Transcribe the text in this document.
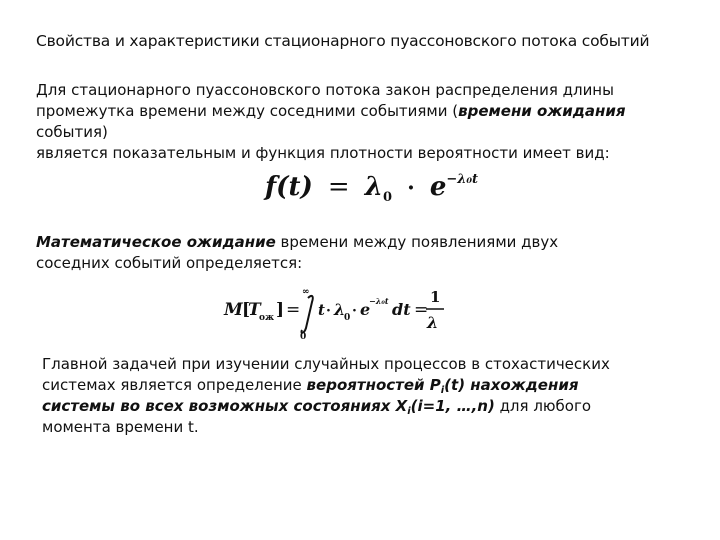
Свойства и характеристики стационарного пуассоновского потока событий
Для стационарного пуассоновского потока закон распределения длины
промежутка времени между соседними событиями (времени ожидания
события)
является показательным и функция плотности вероятности имеет вид:
$f(t) = \lambda_0 \cdot e^{-\lambda_0t}$
Математическое ожидание времени между появлениями двух
соседних событий определяется:
M [
T
ож ] =
∞
0
t · λ
0 · e
−λ₀t dt =
1
λ
Главной задачей при изучении случайных процессов в стохастических
системах является определение вероятностей $P_i(t)$ нахождения
системы во всех возможных состояниях $X_i(i=1$, …,n) для любого
момента времени t.
